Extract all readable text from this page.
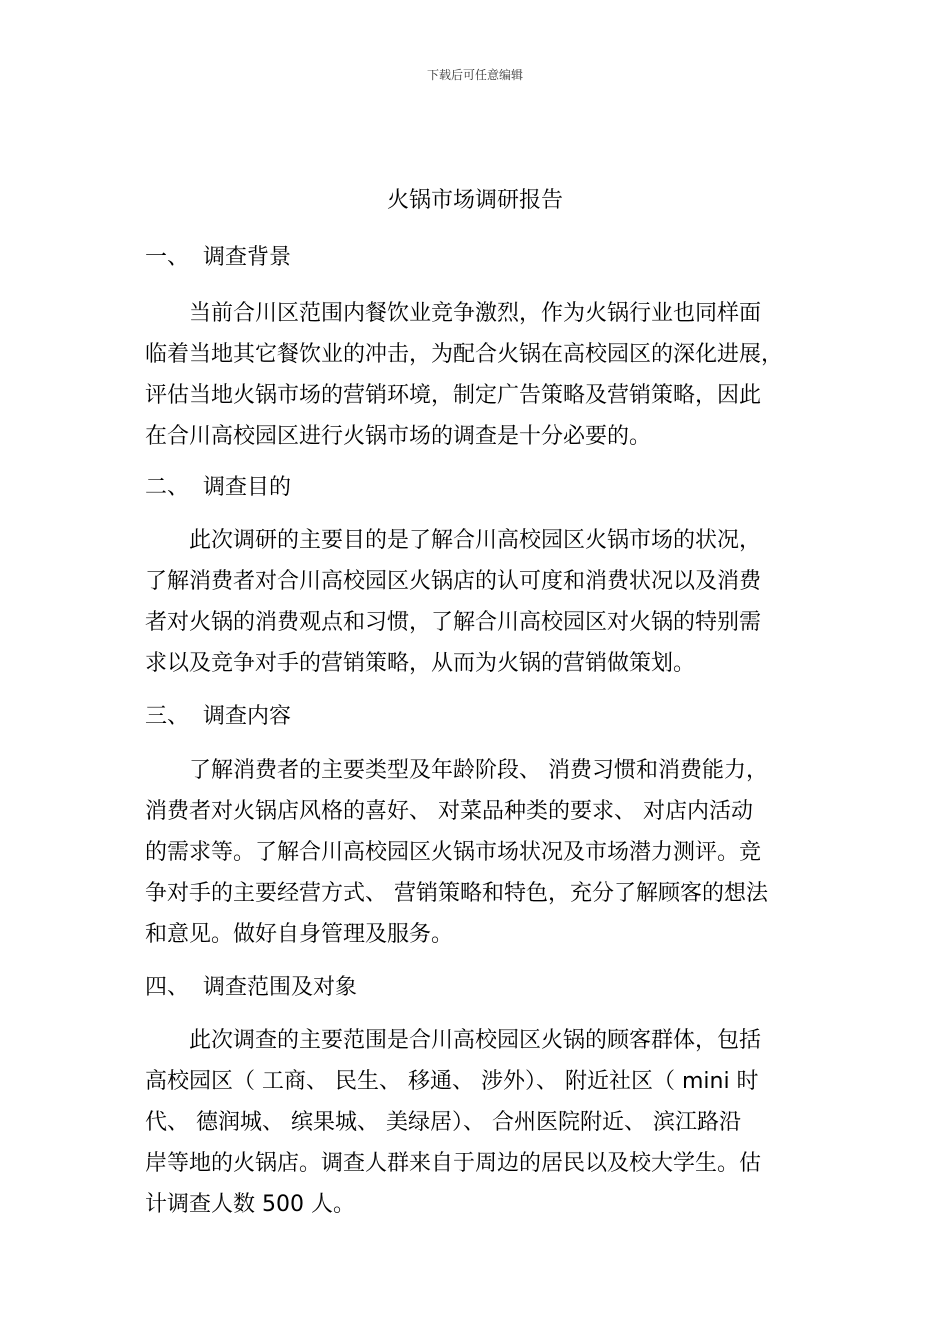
下载后可任意编辑
火锅市场调研报告
一、 调查背景

当前合川区范围内餐饮业竞争激烈，作为火锅行业也同样面
临着当地其它餐饮业的冲击，为配合火锅在高校园区的深化进展，
评估当地火锅市场的营销环境，制定广告策略及营销策略，因此
在合川高校园区进行火锅市场的调查是十分必要的。

二、 调查目的

此次调研的主要目的是了解合川高校园区火锅市场的状况，
了解消费者对合川高校园区火锅店的认可度和消费状况以及消费
者对火锅的消费观点和习惯，了解合川高校园区对火锅的特别需
求以及竞争对手的营销策略，从而为火锅的营销做策划。

三、 调查内容

了解消费者的主要类型及年龄阶段、 消费习惯和消费能力，
消费者对火锅店风格的喜好、 对菜品种类的要求、 对店内活动
的需求等。了解合川高校园区火锅市场状况及市场潜力测评。竞
争对手的主要经营方式、 营销策略和特色，充分了解顾客的想法
和意见。做好自身管理及服务。

四、 调查范围及对象

此次调查的主要范围是合川高校园区火锅的顾客群体，包括
高校园区（ 工商、 民生、 移通、 涉外）、 附近社区（ mini 时
代、 德润城、 缤果城、 美绿居）、 合州医院附近、 滨江路沿
岸等地的火锅店。调查人群来自于周边的居民以及校大学生。估
计调查人数 500 人。
